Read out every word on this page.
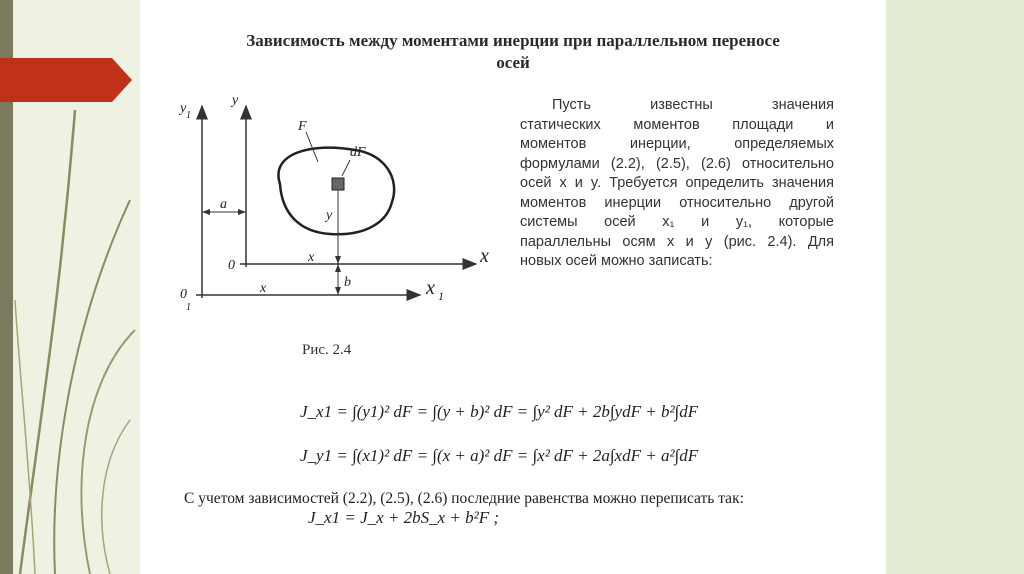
Зависимость между моментами инерции при параллельном переносе
осей
y 1
y
F
dF
a
y
0
x	x
b
0
1
x	x 1
Пусть известны значения
статических моментов площади и
моментов инерции, определяемых
формулами (2.2), (2.5), (2.6) относительно
осей x и y. Требуется определить значения
моментов инерции относительно другой
системы осей x₁ и y₁, которые
параллельны осям x и y (рис. 2.4). Для
новых осей можно записать:
Рис. 2.4
J_x1 = ∫(y1)² dF = ∫(y + b)² dF = ∫y² dF + 2b∫ydF + b²∫dF
J_y1 = ∫(x1)² dF = ∫(x + a)² dF = ∫x² dF + 2a∫xdF + a²∫dF
С учетом зависимостей (2.2), (2.5), (2.6) последние равенства можно переписать так:
J_x1 = J_x + 2bS_x + b²F ;
